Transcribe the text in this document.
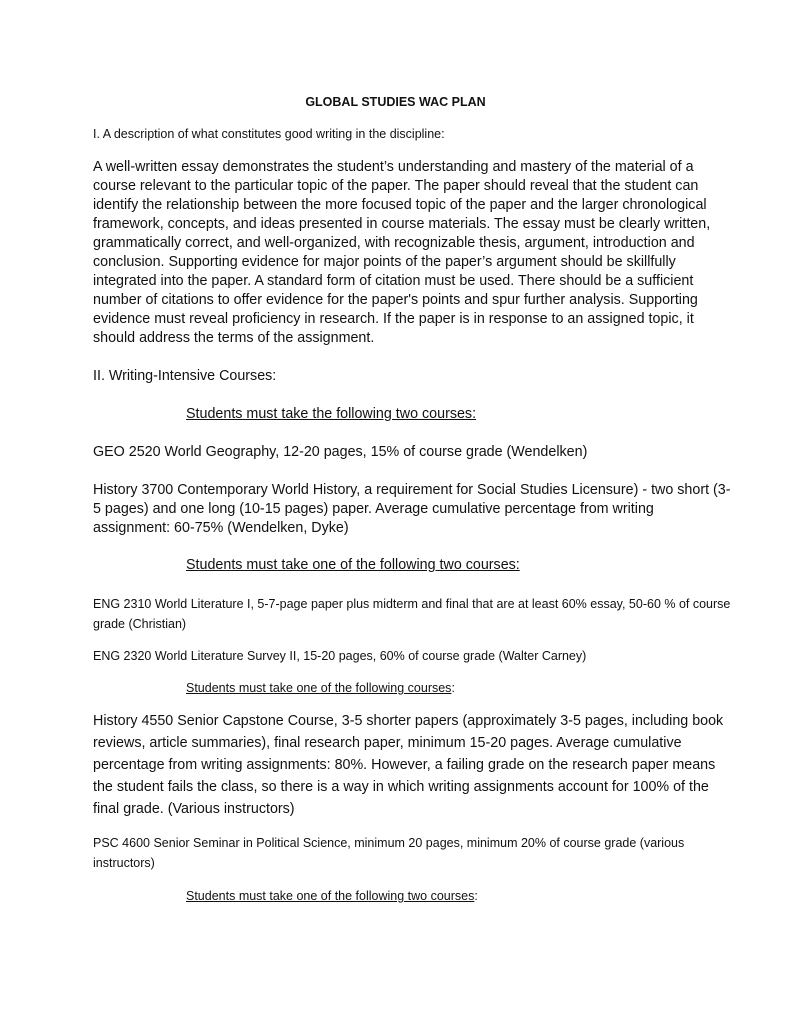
GLOBAL STUDIES WAC PLAN

I. A description of what constitutes good writing in the discipline:

A well-written essay demonstrates the student’s understanding and mastery of the material of a course relevant to the particular topic of the paper. The paper should reveal that the student can identify the relationship between the more focused topic of the paper and the larger chronological framework, concepts, and ideas presented in course materials. The essay must be clearly written, grammatically correct, and well-organized, with recognizable thesis, argument, introduction and conclusion. Supporting evidence for major points of the paper’s argument should be skillfully integrated into the paper. A standard form of citation must be used. There should be a sufficient number of citations to offer evidence for the paper's points and spur further analysis. Supporting evidence must reveal proficiency in research. If the paper is in response to an assigned topic, it should address the terms of the assignment.

II. Writing-Intensive Courses:

Students must take the following two courses:

GEO 2520 World Geography, 12-20 pages, 15% of course grade (Wendelken)

History 3700 Contemporary World History, a requirement for Social Studies Licensure) - two short (3-5 pages) and one long (10-15 pages) paper. Average cumulative percentage from writing assignment: 60-75% (Wendelken, Dyke)

Students must take one of the following two courses:

ENG 2310 World Literature I, 5-7-page paper plus midterm and final that are at least 60% essay, 50-60 % of course grade (Christian)

ENG 2320 World Literature Survey II, 15-20 pages, 60% of course grade (Walter Carney)

Students must take one of the following courses:

History 4550 Senior Capstone Course, 3-5 shorter papers (approximately 3-5 pages, including book reviews, article summaries), final research paper, minimum 15-20 pages. Average cumulative percentage from writing assignments: 80%. However, a failing grade on the research paper means the student fails the class, so there is a way in which writing assignments account for 100% of the final grade. (Various instructors)

PSC 4600 Senior Seminar in Political Science, minimum 20 pages, minimum 20% of course grade (various instructors)

Students must take one of the following two courses:
